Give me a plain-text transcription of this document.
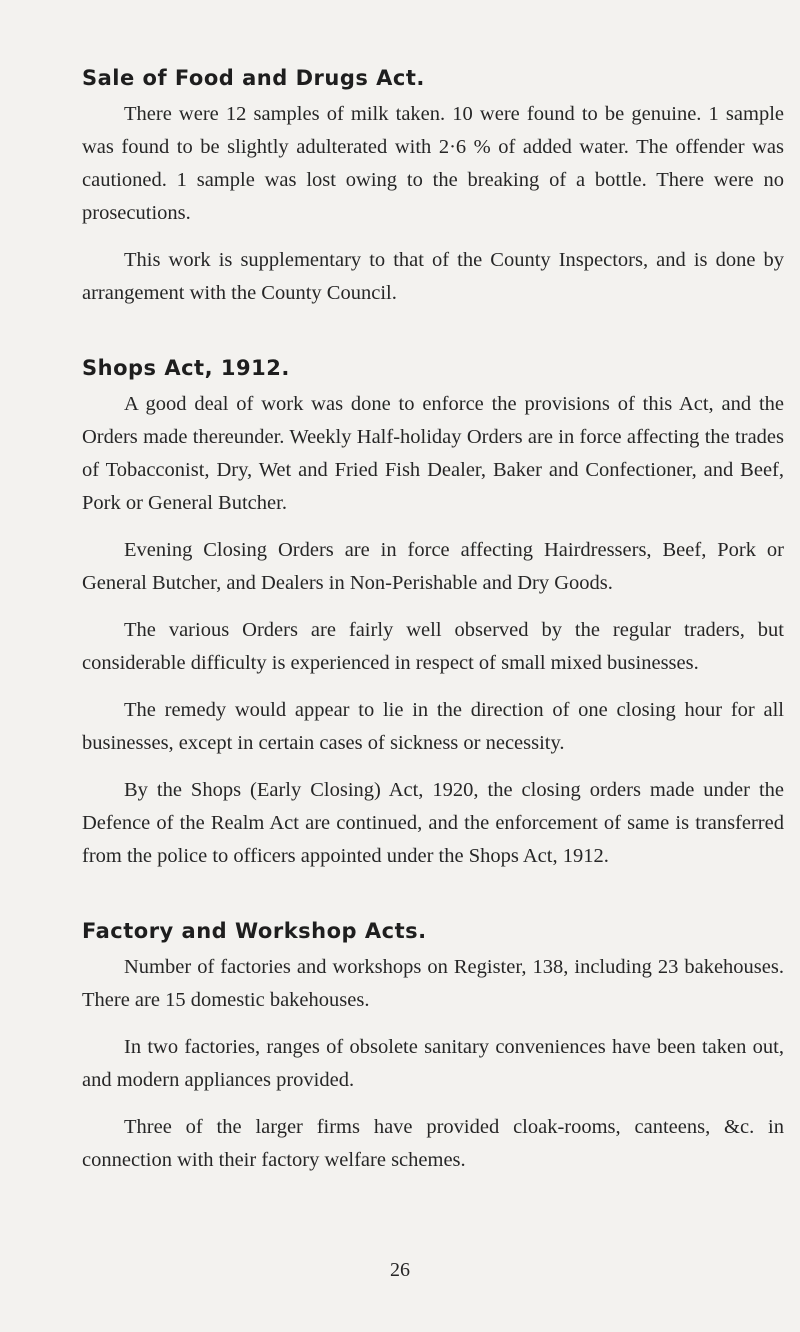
Sale of Food and Drugs Act.

There were 12 samples of milk taken. 10 were found to be genuine. 1 sample was found to be slightly adulterated with 2·6 % of added water. The offender was cautioned. 1 sample was lost owing to the breaking of a bottle. There were no prosecutions.

This work is supplementary to that of the County Inspectors, and is done by arrangement with the County Council.

Shops Act, 1912.

A good deal of work was done to enforce the provisions of this Act, and the Orders made thereunder. Weekly Half-holiday Orders are in force affecting the trades of Tobacconist, Dry, Wet and Fried Fish Dealer, Baker and Confectioner, and Beef, Pork or General Butcher.

Evening Closing Orders are in force affecting Hairdressers, Beef, Pork or General Butcher, and Dealers in Non-Perishable and Dry Goods.

The various Orders are fairly well observed by the regular traders, but considerable difficulty is experienced in respect of small mixed businesses.

The remedy would appear to lie in the direction of one closing hour for all businesses, except in certain cases of sickness or necessity.

By the Shops (Early Closing) Act, 1920, the closing orders made under the Defence of the Realm Act are continued, and the enforcement of same is transferred from the police to officers appointed under the Shops Act, 1912.

Factory and Workshop Acts.

Number of factories and workshops on Register, 138, including 23 bakehouses. There are 15 domestic bakehouses.

In two factories, ranges of obsolete sanitary conveniences have been taken out, and modern appliances provided.

Three of the larger firms have provided cloak-rooms, canteens, &c. in connection with their factory welfare schemes.

26
